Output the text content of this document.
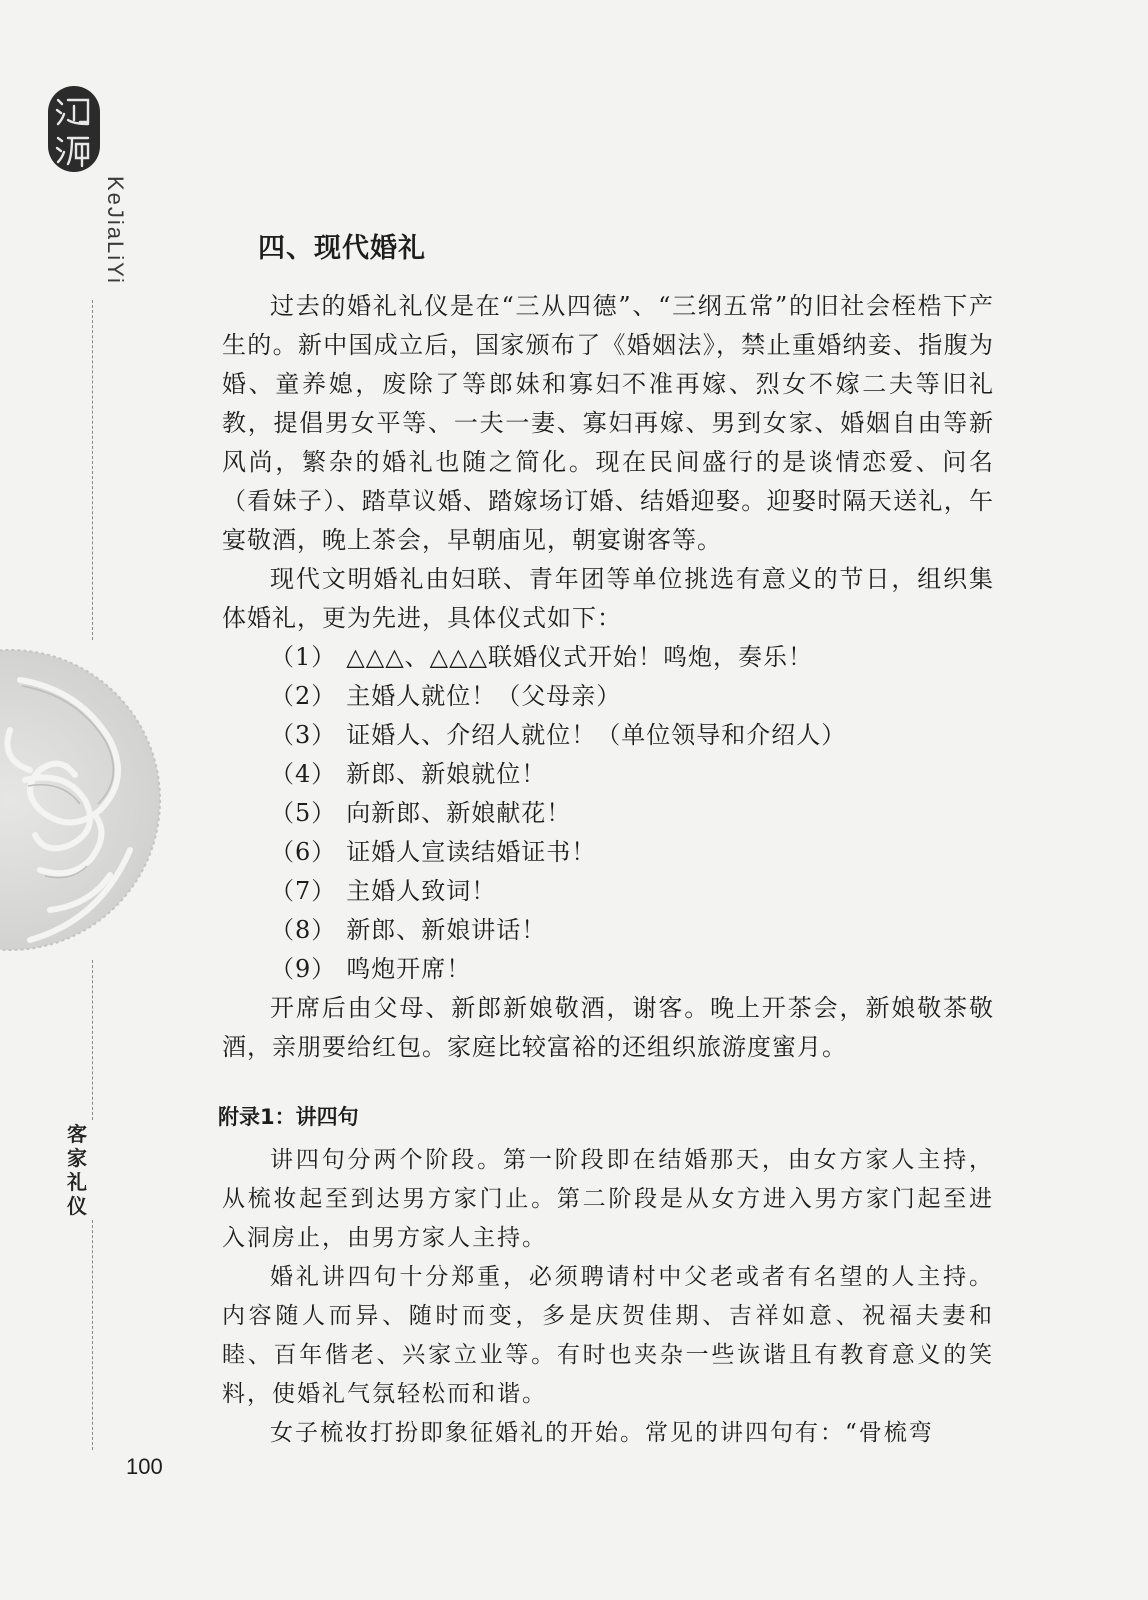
KeJiaLiYi
客
家
礼
仪
四、现代婚礼

过去的婚礼礼仪是在“三从四德”、“三纲五常”的旧社会桎梏下产生的。新中国成立后，国家颁布了《婚姻法》，禁止重婚纳妾、指腹为婚、童养媳，废除了等郎妹和寡妇不准再嫁、烈女不嫁二夫等旧礼教，提倡男女平等、一夫一妻、寡妇再嫁、男到女家、婚姻自由等新风尚，繁杂的婚礼也随之简化。现在民间盛行的是谈情恋爱、问名（看妹子）、踏草议婚、踏嫁场订婚、结婚迎娶。迎娶时隔天送礼，午宴敬酒，晚上茶会，早朝庙见，朝宴谢客等。

现代文明婚礼由妇联、青年团等单位挑选有意义的节日，组织集体婚礼，更为先进，具体仪式如下：

（1） △△△、△△△联婚仪式开始！鸣炮，奏乐！
（2） 主婚人就位！（父母亲）
（3） 证婚人、介绍人就位！（单位领导和介绍人）
（4） 新郎、新娘就位！
（5） 向新郎、新娘献花！
（6） 证婚人宣读结婚证书！
（7） 主婚人致词！
（8） 新郎、新娘讲话！
（9） 鸣炮开席！

开席后由父母、新郎新娘敬酒，谢客。晚上开茶会，新娘敬茶敬酒，亲朋要给红包。家庭比较富裕的还组织旅游度蜜月。

附录1：讲四句

讲四句分两个阶段。第一阶段即在结婚那天，由女方家人主持，从梳妆起至到达男方家门止。第二阶段是从女方进入男方家门起至进入洞房止，由男方家人主持。

婚礼讲四句十分郑重，必须聘请村中父老或者有名望的人主持。内容随人而异、随时而变，多是庆贺佳期、吉祥如意、祝福夫妻和睦、百年偕老、兴家立业等。有时也夹杂一些诙谐且有教育意义的笑料，使婚礼气氛轻松而和谐。

女子梳妆打扮即象征婚礼的开始。常见的讲四句有：“骨梳弯

100
